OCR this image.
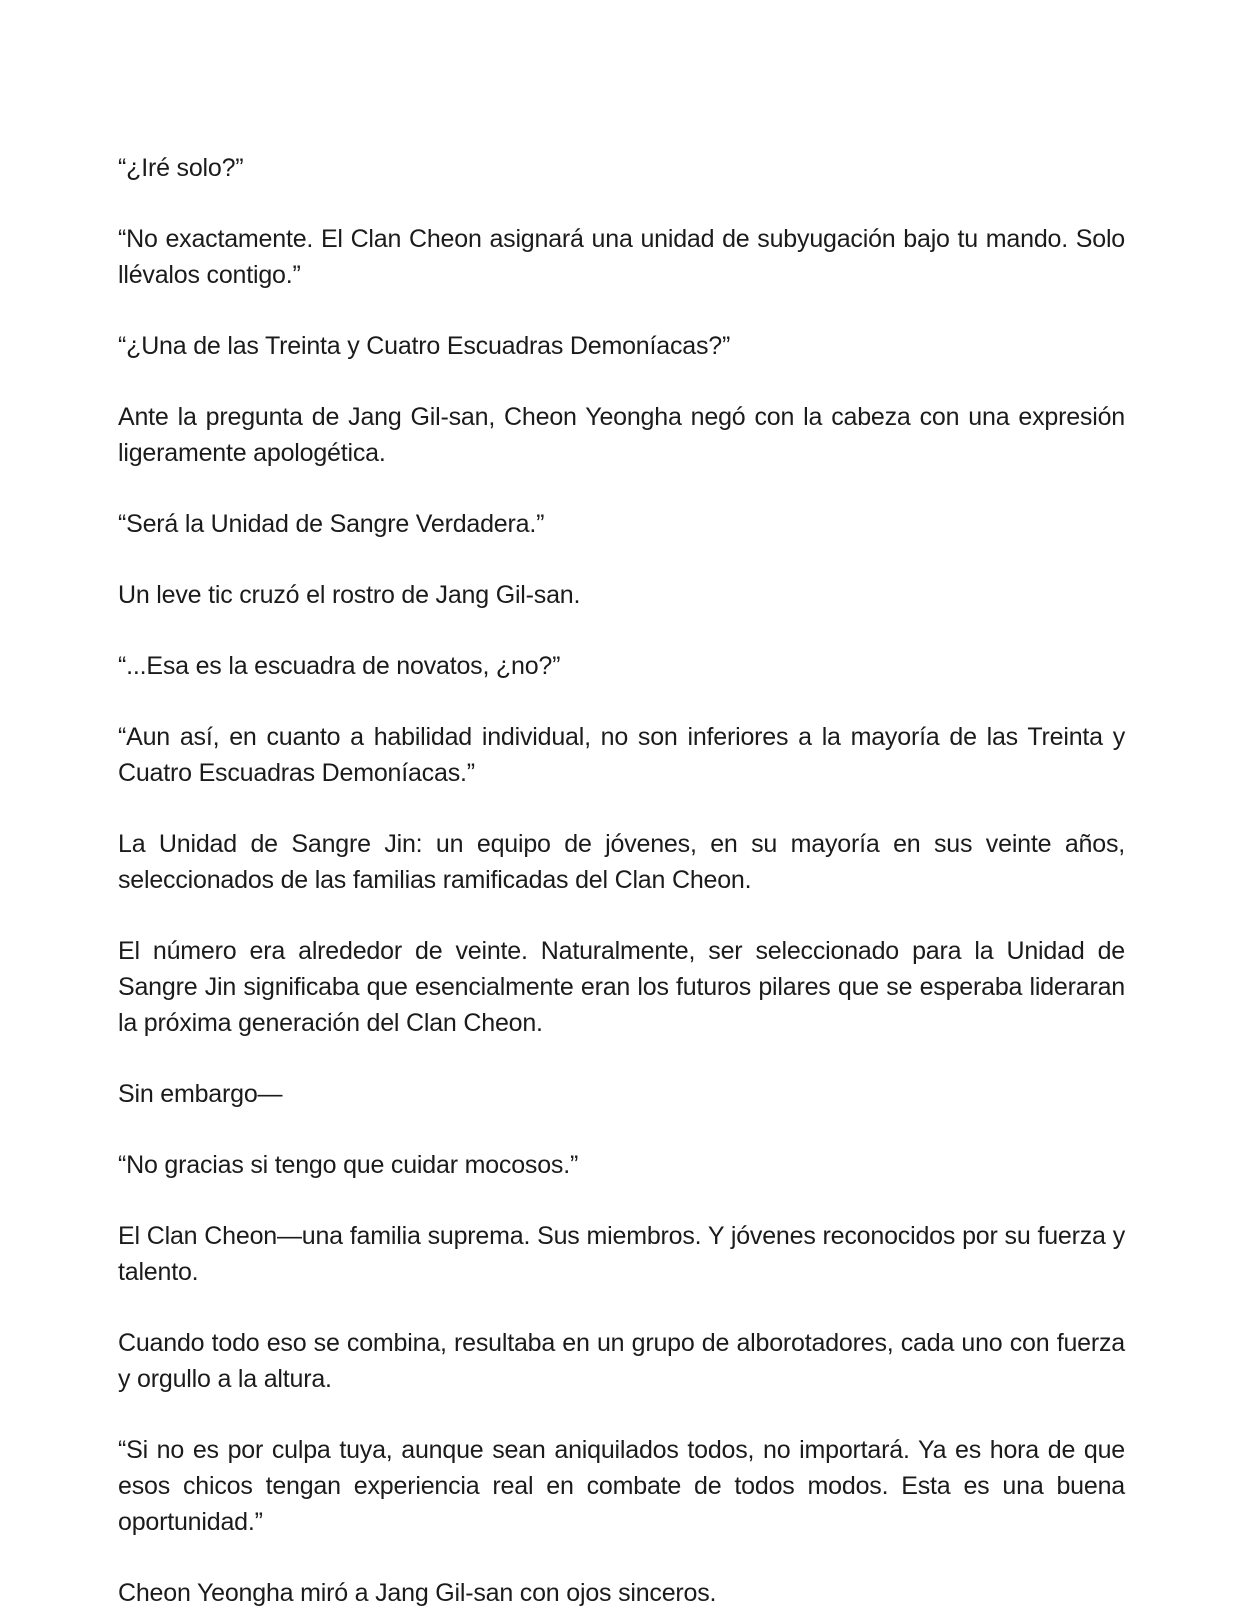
“¿Iré solo?”

“No exactamente. El Clan Cheon asignará una unidad de subyugación bajo tu mando. Solo llévalos contigo.”

“¿Una de las Treinta y Cuatro Escuadras Demoníacas?”

Ante la pregunta de Jang Gil-san, Cheon Yeongha negó con la cabeza con una expresión ligeramente apologética.

“Será la Unidad de Sangre Verdadera.”

Un leve tic cruzó el rostro de Jang Gil-san.

“...Esa es la escuadra de novatos, ¿no?”

“Aun así, en cuanto a habilidad individual, no son inferiores a la mayoría de las Treinta y Cuatro Escuadras Demoníacas.”

La Unidad de Sangre Jin: un equipo de jóvenes, en su mayoría en sus veinte años, seleccionados de las familias ramificadas del Clan Cheon.

El número era alrededor de veinte. Naturalmente, ser seleccionado para la Unidad de Sangre Jin significaba que esencialmente eran los futuros pilares que se esperaba lideraran la próxima generación del Clan Cheon.

Sin embargo—

“No gracias si tengo que cuidar mocosos.”

El Clan Cheon—una familia suprema. Sus miembros. Y jóvenes reconocidos por su fuerza y talento.

Cuando todo eso se combina, resultaba en un grupo de alborotadores, cada uno con fuerza y orgullo a la altura.

“Si no es por culpa tuya, aunque sean aniquilados todos, no importará. Ya es hora de que esos chicos tengan experiencia real en combate de todos modos. Esta es una buena oportunidad.”

Cheon Yeongha miró a Jang Gil-san con ojos sinceros.
